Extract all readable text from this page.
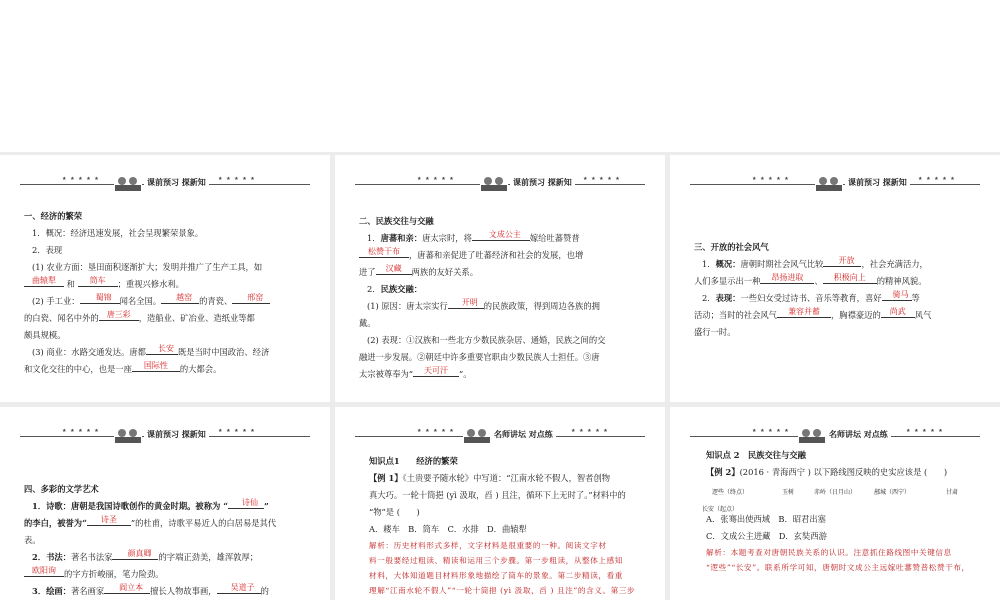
★ ★ ★ ★ ★	课前预习 探新知	★ ★ ★ ★ ★

一、经济的繁荣

1．概况：经济迅速发展，社会呈现繁荣景象。

2．表现

(1) 农业方面：垦田面积逐渐扩大；发明并推广了生产工具，如

曲辕犁 和 筒车 ；重视兴修水利。

(2) 手工业： 蜀锦 闻名全国。 越窑 的青瓷、 邢窑

的白瓷、闻名中外的 唐三彩 ，造船业、矿冶业、造纸业等都

颇具规模。

(3) 商业：水路交通发达。唐都 长安 既是当时中国政治、经济

和文化交往的中心，也是一座 国际性 的大都会。

★ ★ ★ ★ ★	课前预习 探新知	★ ★ ★ ★ ★

二、民族交往与交融

1．唐蕃和亲：唐太宗时，将 文成公主 嫁给吐蕃赞普

松赞干布 ，唐蕃和亲促进了吐蕃经济和社会的发展，也增

进了 汉藏 两族的友好关系。

2．民族交融：

(1) 原因：唐太宗实行 开明 的民族政策，得到周边各族的拥

戴。

(2) 表现：①汉族和一些北方少数民族杂居、通婚，民族之间的交

融进一步发展。②朝廷中许多重要官职由少数民族人士担任。③唐

太宗被尊奉为“ 天可汗 ”。

★ ★ ★ ★ ★	课前预习 探新知	★ ★ ★ ★ ★

三、开放的社会风气

1．概况：唐朝时期社会风气比较 开放 ，社会充满活力，

人们多显示出一种 昂扬进取 、 积极向上 的精神风貌。

2．表现：一些妇女受过诗书、音乐等教育，喜好 骑马 等

活动；当时的社会风气 兼容并蓄 ，胸襟豪迈的 尚武 风气

盛行一时。

★ ★ ★ ★ ★	课前预习 探新知	★ ★ ★ ★ ★

四、多彩的文学艺术

1．诗歌：唐朝是我国诗歌创作的黄金时期。被称为 “ 诗仙 ”

的李白，被誉为“ 诗圣 ”的杜甫，诗歌平易近人的白居易是其代

表。

2．书法：著名书法家 颜真卿 的字端正劲美，雄浑敦厚；

欧阳询 的字方折峻丽，笔力险劲。

3．绘画：著名画家 阎立本 擅长人物故事画， 吴道子 的

★ ★ ★ ★ ★	名师讲坛 对点练	★ ★ ★ ★ ★

知识点1　　经济的繁荣

【例 1】《土贵要予随水轮》中写道：“江南水轮不假人，智者创物

真大巧。一轮十筒挹 (yì 汲取，舀 ) 且注，循环下上无时了。”材料中的

“物”是 (　　)

A．耧车　B．筒车　C．水排　D．曲辕犁

解析：历史材料形式多样，文字材料是很重要的一种。阅读文字材

料一般要经过粗读、精读和运用三个步骤。第一步粗读，从整体上感知

材料，大体知道题目材料形象地描绘了筒车的景象。第二步精读，看重

理解“江南水轮不假人”“一轮十筒挹 (yì 汲取，舀 ) 且注”的含义。第三步

★ ★ ★ ★ ★	名师讲坛 对点练	★ ★ ★ ★ ★

知识点 2　民族交往与交融

【例 2】(2016 · 青海西宁 ) 以下路线图反映的史实应该是 (　　)

逻些（终点）	玉树	赤岭（日月山）	鄯城（西宁）	甘肃
长安（起点）

A．张骞出使西域　B．昭君出塞

C．文成公主进藏　D．玄奘西游

解析：本题考查对唐朝民族关系的认识。注意抓住路线图中关键信息

“逻些”“长安”。联系所学可知，唐朝时文成公主远嫁吐蕃赞普松赞干布，
